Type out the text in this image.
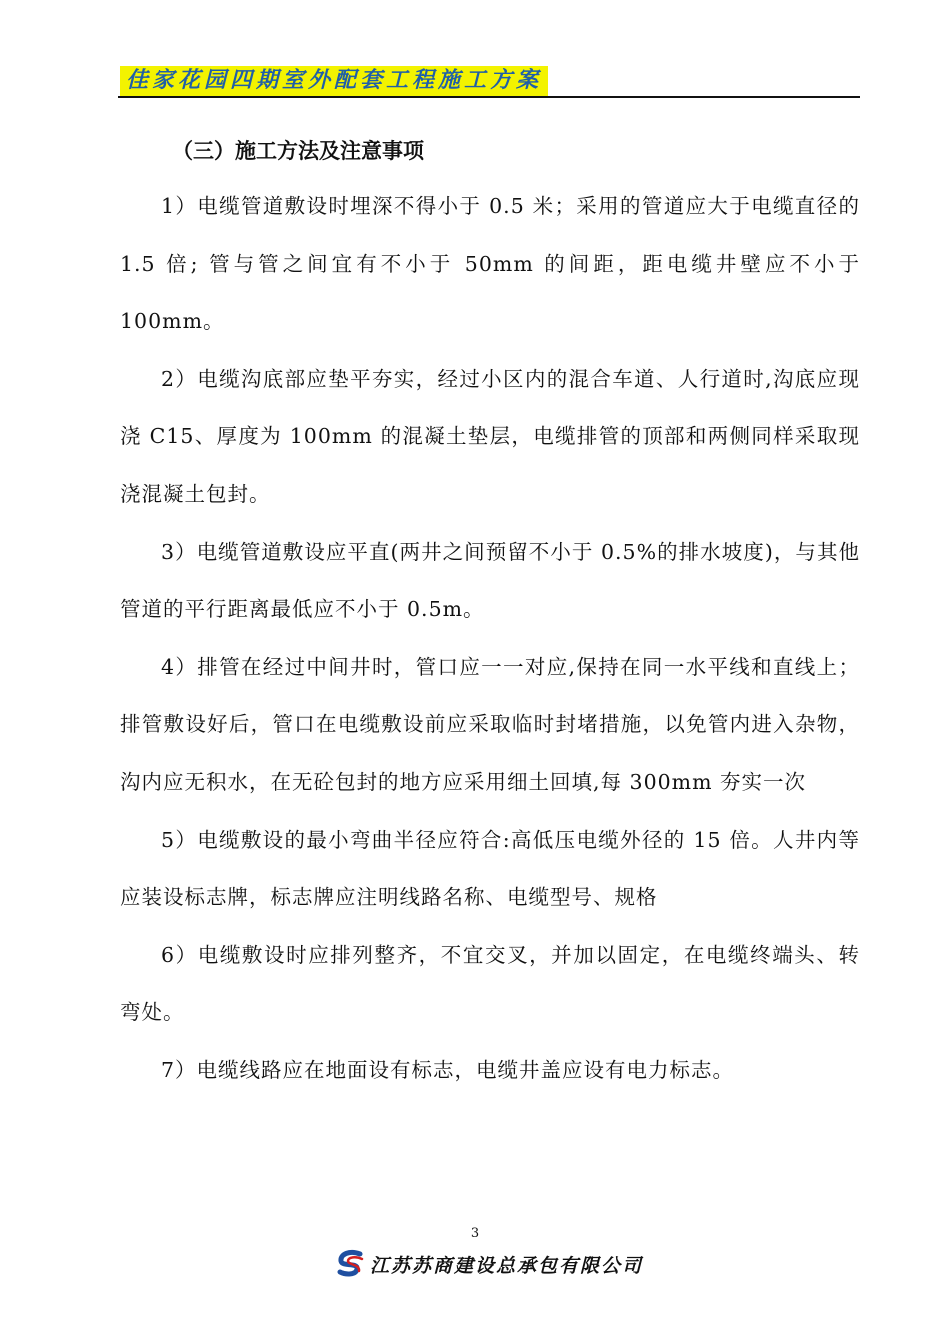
佳家花园四期室外配套工程施工方案
（三）施工方法及注意事项

1）电缆管道敷设时埋深不得小于 0.5 米；采用的管道应大于电缆直径的 1.5 倍; 管与管之间宜有不小于 50mm 的间距，距电缆井壁应不小于 100mm。

2）电缆沟底部应垫平夯实，经过小区内的混合车道、人行道时,沟底应现浇 C15、厚度为 100mm 的混凝土垫层，电缆排管的顶部和两侧同样采取现浇混凝土包封。

3）电缆管道敷设应平直(两井之间预留不小于 0.5%的排水坡度)，与其他管道的平行距离最低应不小于 0.5m。

4）排管在经过中间井时，管口应一一对应,保持在同一水平线和直线上；排管敷设好后，管口在电缆敷设前应采取临时封堵措施，以免管内进入杂物，沟内应无积水，在无砼包封的地方应采用细土回填,每 300mm 夯实一次

5）电缆敷设的最小弯曲半径应符合:高低压电缆外径的 15 倍。人井内等应装设标志牌，标志牌应注明线路名称、电缆型号、规格

6）电缆敷设时应排列整齐，不宜交叉，并加以固定，在电缆终端头、转弯处。

7）电缆线路应在地面设有标志，电缆井盖应设有电力标志。

3
江苏苏商建设总承包有限公司
